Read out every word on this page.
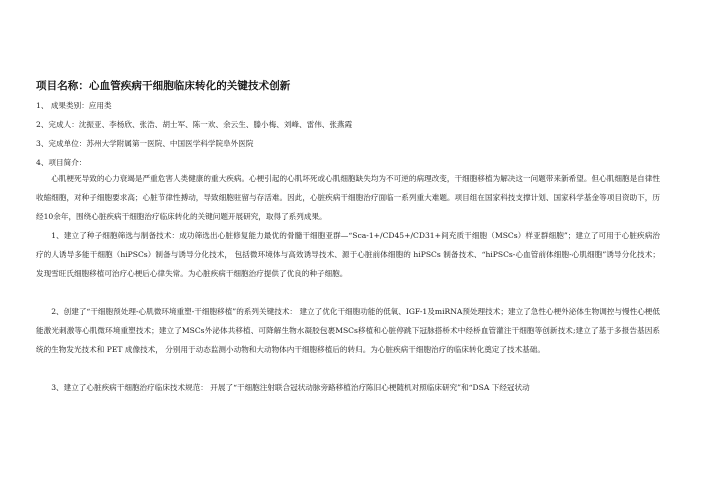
项目名称：心血管疾病干细胞临床转化的关键技术创新
1、 成果类别：应用类
2、完成人：沈振亚、李杨欣、张浩、胡士军、陈一欢、余云生、滕小梅、刘峰、雷伟、张燕霞
3、完成单位：苏州大学附属第一医院、中国医学科学院阜外医院
4、项目简介：

心肌梗死导致的心力衰竭是严重危害人类健康的重大疾病。心梗引起的心肌坏死或心肌细胞缺失均为不可逆的病理改变，干细胞移植为解决这一问题带来新希望。但心肌细胞是自律性收缩细胞，对种子细胞要求高；心脏节律性搏动，导致细胞驻留与存活难。因此，心脏疾病干细胞治疗面临一系列重大难题。项目组在国家科技支撑计划、国家科学基金等项目资助下，历经10余年，围绕心脏疾病干细胞治疗临床转化的关键问题开展研究，取得了系列成果。

1、建立了种子细胞筛选与制备技术：成功筛选出心脏修复能力最优的骨髓干细胞亚群—“Sca-1+/CD45+/CD31+间充质干细胞（MSCs）样亚群细胞”；建立了可用于心脏疾病治疗的人诱导多能干细胞（hiPSCs）制备与诱导分化技术， 包括微环境体与高效诱导技术、源于心脏前体细胞的 hiPSCs 制备技术、“hiPSCs-心血管前体细胞-心肌细胞”诱导分化技术；发现雪旺氏细胞移植可治疗心梗后心律失常。为心脏疾病干细胞治疗提供了优良的种子细胞。

2、创建了“干细胞预处理-心肌微环境重塑-干细胞移植”的系列关键技术： 建立了优化干细胞功能的低氧、IGF-1及miRNA预处理技术；建立了急性心梗外泌体生物调控与慢性心梗低能激光刺激等心肌微环境重塑技术；建立了MSCs外泌体共移植、可降解生物水凝胶包裹MSCs移植和心脏停跳下冠脉搭桥术中经桥血管灌注干细胞等创新技术;建立了基于多报告基因系统的生物发光技术和 PET 成像技术， 分别用于动态监测小动物和大动物体内干细胞移植后的转归。为心脏疾病干细胞治疗的临床转化奠定了技术基础。

3、建立了心脏疾病干细胞治疗临床技术规范： 开展了“干细胞注射联合冠状动脉旁路移植治疗陈旧心梗随机对照临床研究”和“DSA 下经冠状动
